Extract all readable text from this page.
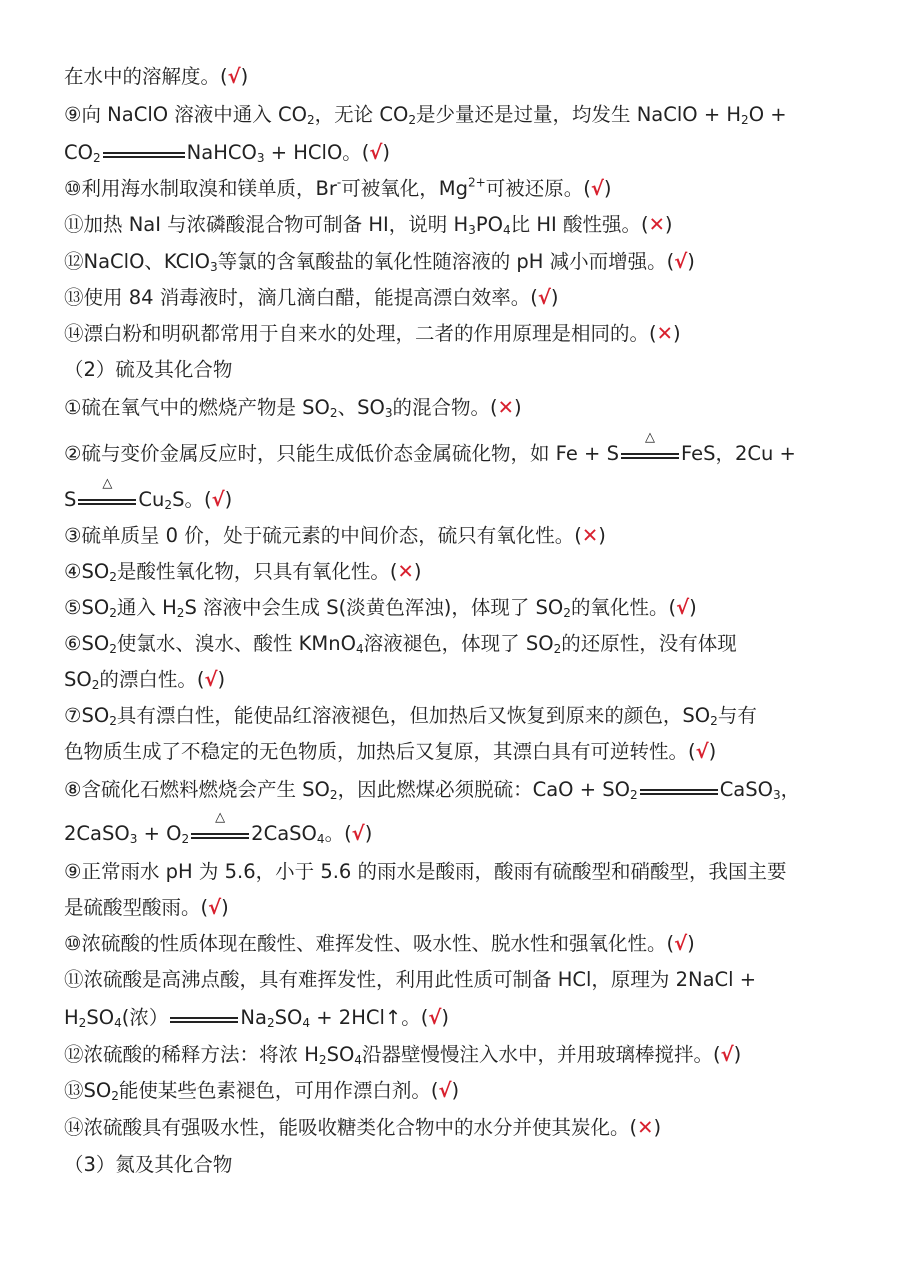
在水中的溶解度。(√)
⑨向 NaClO 溶液中通入 $CO_2$，无论 $CO_2$是少量还是过量，均发生 NaClO + $H_2O$ +
$CO_2$	NaHCO$_3$ + HClO。(√)
⑩利用海水制取溴和镁单质，Br-可被氧化，$Mg^{2+}$可被还原。(√)
⑪加热 NaI 与浓磷酸混合物可制备 HI，说明 $H_3PO_4$比 HI 酸性强。(✕)
⑫NaClO、KClO$_3$等氯的含氧酸盐的氧化性随溶液的 pH 减小而增强。(√)
⑬使用 84 消毒液时，滴几滴白醋，能提高漂白效率。(√)
⑭漂白粉和明矾都常用于自来水的处理，二者的作用原理是相同的。(✕)
（2）硫及其化合物
①硫在氧气中的燃烧产物是 $SO_2$、$SO_3$的混合物。(✕)
②硫与变价金属反应时，只能生成低价态金属硫化物，如 Fe + S
△
FeS，2Cu +
S
△
$Cu_2S$。(√)
③硫单质呈 0 价，处于硫元素的中间价态，硫只有氧化性。(✕)
$④SO_2$是酸性氧化物，只具有氧化性。(✕)
$⑤SO_2$通入 $H_2S$ 溶液中会生成 S(淡黄色浑浊)，体现了 $SO_2$的氧化性。(√)
$⑥SO_2$使氯水、溴水、酸性 KMnO$_4$溶液褪色，体现了 $SO_2$的还原性，没有体现
$SO_2$的漂白性。(√)
$⑦SO_2$具有漂白性，能使品红溶液褪色，但加热后又恢复到原来的颜色，$SO_2$与有
色物质生成了不稳定的无色物质，加热后又复原，其漂白具有可逆转性。(√)
⑧含硫化石燃料燃烧会产生 $SO_2$，因此燃煤必须脱硫：CaO + $SO_2$	CaSO$_3$，
2CaSO$_3$ + $O_2$
△
2CaSO$_4$。(√)
⑨正常雨水 pH 为 5.6，小于 5.6 的雨水是酸雨，酸雨有硫酸型和硝酸型，我国主要
是硫酸型酸雨。(√)
⑩浓硫酸的性质体现在酸性、难挥发性、吸水性、脱水性和强氧化性。(√)
⑪浓硫酸是高沸点酸，具有难挥发性，利用此性质可制备 HCl，原理为 2NaCl +
$H_2SO_4$(浓）	$Na_2SO_4$ + 2HCl↑。(√)
⑫浓硫酸的稀释方法：将浓 $H_2SO_4$沿器壁慢慢注入水中，并用玻璃棒搅拌。(√)
$⑬SO_2$能使某些色素褪色，可用作漂白剂。(√)
⑭浓硫酸具有强吸水性，能吸收糖类化合物中的水分并使其炭化。(✕)
（3）氮及其化合物
